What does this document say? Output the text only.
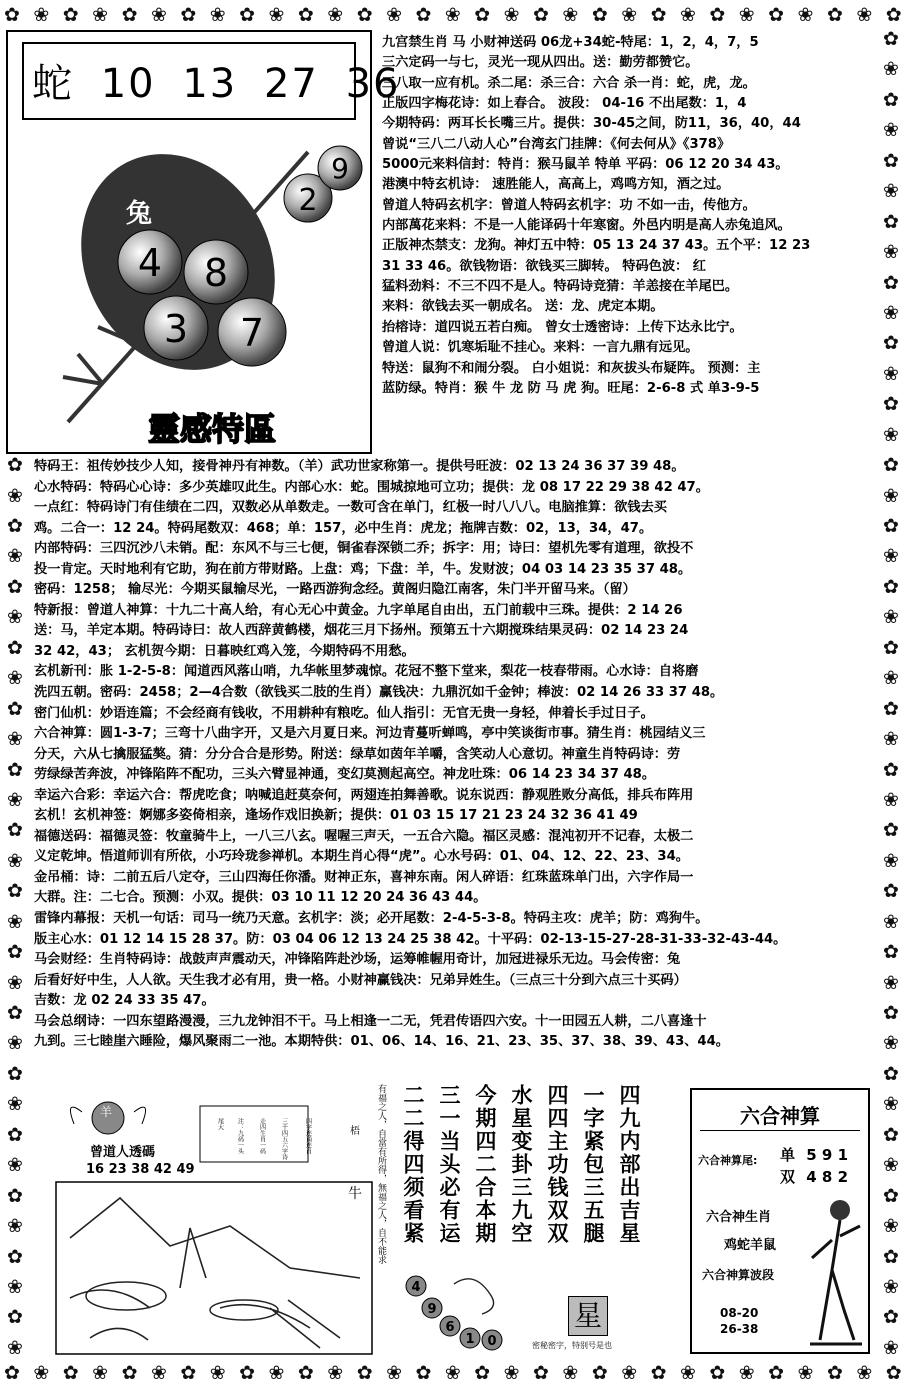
✿ ❀ ✿ ❀ ✿ ❀ ✿ ❀ ✿ ❀ ✿ ❀ ✿ ❀ ✿ ❀ ✿ ❀ ✿ ❀ ✿ ❀ ✿ ❀ ✿ ❀ ✿ ❀ ✿ ❀ ✿
✿ ❀ ✿ ❀ ✿ ❀ ✿ ❀ ✿ ❀ ✿ ❀ ✿ ❀ ✿ ❀ ✿ ❀ ✿ ❀ ✿ ❀ ✿ ❀ ✿ ❀ ✿ ❀ ✿ ❀ ✿
✿
❀
✿
❀
✿
❀
✿
❀
✿
❀
✿
❀
✿
❀
✿
❀
✿
❀
✿
❀
✿
❀
✿
❀
✿
❀
✿
❀
✿
❀
✿
❀
✿
❀
✿
❀
✿
❀
✿
❀
✿
❀
✿
❀
✿
❀
✿
❀
✿
❀
✿
❀
✿
❀
✿
❀
✿
❀
✿
❀
✿
❀
✿
❀
✿
❀
✿
❀
✿
❀
✿
❀
✿
❀
蛇 10 13 27 36
兔
4 8
3 7
2
9
靈感特區
九宫禁生肖 马 小财神送码 06龙+34蛇-特尾：1，2，4，7，5
三六定码一与七，灵光一现从四出。送：勤劳都赞它。
三八取一应有机。杀二尾：杀三合：六合 杀一肖：蛇，虎，龙。
正版四字梅花诗：如上春合。 波段： 04-16 不出尾数：1，4
今期特码：两耳长长嘴三片。提供：30-45之间，防11，36，40，44
曾说“三八二八动人心”台湾玄门挂牌：《何去何从》《378》
5000元来料信封：特肖：猴马鼠羊 特单 平码：06 12 20 34 43。
港澳中特玄机诗： 速胜能人，高高上，鸡鸣方知，酒之过。
曾道人特码玄机字：曾道人特码玄机字：功 不如一击，传他方。
内部萬花来料：不是一人能译码十年寒窗。外邑内明是高人赤兔追风。
正版神杰禁支：龙狗。神灯五中特：05 13 24 37 43。五个平：12 23
31 33 46。欲钱物语：欲钱买三脚转。 特码色波： 红
猛料劲料：不三不四不是人。特码诗竞猜：羊恙接在羊尾巴。
来料：欲钱去买一朝成名。 送：龙、虎定本期。
抬榕诗：道四说五若白痴。 曾女士透密诗：上传下达永比宁。
曾道人说：饥寒垢耻不挂心。来料：一言九鼎有远见。
特送：鼠狗不和闹分裂。 白小姐说：和灰拔头布疑阵。 预测：主
蓝防绿。特肖：猴 牛 龙 防 马 虎 狗。旺尾：2-6-8 式 单3-9-5
特码王：祖传妙技少人知，接骨神丹有神数。（羊）武功世家称第一。提供号旺波：02 13 24 36 37 39 48。
心水特码：特码心心诗：多少英雄叹此生。内部心水：蛇。围城掠地可立功；提供：龙 08 17 22 29 38 42 47。
一点红：特码诗门有佳绩在二四，双数必从单数走。一数可含在单门，红极一时八八八。电脑推算：欲钱去买
鸡。二合一：12 24。特码尾数双：468；单：157，必中生肖：虎龙；拖牌吉数：02，13，34，47。
内部特码：三四沉沙八未销。配：东风不与三七便，铜雀春深锁二乔；拆字：用；诗曰：望机先零有道理，欲投不
投一肯定。天时地利有它助，狗在前方带财路。上盘：鸡；下盘：羊，牛。发财波；04 03 14 23 35 37 48。
密码：1258； 输尽光：今期买鼠输尽光，一路西游狗念经。黄阁归隐江南客，朱门半开留马来。（留）
特新报：曾道人神算：十九二十高人给，有心无心中黄金。九字单尾自由出，五门前载中三珠。提供：2 14 26
送：马，羊定本期。特码诗曰：故人西辞黄鹤楼，烟花三月下扬州。预第五十六期搅珠结果灵码：02 14 23 24
32 42，43； 玄机贺今期：日暮映红鸡入笼，今期特码不用愁。
玄机新刊：胀 1-2-5-8：闻道西风落山哨，九华帐里梦魂惊。花冠不整下堂来，梨花一枝春带雨。心水诗：自将磨
洗四五朝。密码：2458；2—4合数（欲钱买二肢的生肖）赢钱决：九鼎沉如千金钟；棒波：02 14 26 33 37 48。
密门仙机：妙语连篇；不会经商有钱收，不用耕种有粮吃。仙人指引：无官无贵一身轻，伸着长手过日子。
六合神算：圆1-3-7；三弯十八曲字开，又是六月夏日来。河边青蔓听蝉鸣，亭中笑谈街市事。猜生肖：桃园结义三
分天，六从七擒服猛獒。猜：分分合合是形势。附送：绿草如茵年羊嚼，含笑动人心意切。神童生肖特码诗：劳
劳绿绿苦奔波，冲锋陷阵不配功，三头六臂显神通，变幻莫测起高空。神龙吐珠：06 14 23 34 37 48。
幸运六合彩：幸运六合：帮虎吃食；呐喊追赶莫奈何，两翅连拍舞善歌。说东说西：静观胜败分高低，排兵布阵用
玄机！玄机神签：婀娜多姿倚相亲，逢场作戏旧换新；提供：01 03 15 17 21 23 24 32 36 41 49
福德送码：福德灵签：牧童骑牛上，一八三八玄。喔喔三声天，一五合六隐。福区灵感：混沌初开不记春，太极二
义定乾坤。悟道师训有所依，小巧玲珑参禅机。本期生肖心得“虎”。心水号码：01、04、12、22、23、34。
金吊桶：诗：二前五后八定夺，三山四海任你潘。财神正东，喜神东南。闲人碎语：红珠蓝珠单门出，六字作局一
大群。注：二七合。预测：小双。提供：03 10 11 12 20 24 36 43 44。
雷锋内幕报：天机一句话：司马一统乃天意。玄机字：淡；必开尾数：2-4-5-3-8。特码主攻：虎羊；防：鸡狗牛。
版主心水：01 12 14 15 28 37。防：03 04 06 12 13 24 25 38 42。十平码：02-13-15-27-28-31-33-32-43-44。
马会财经：生肖特码诗：战鼓声声震动天，冲锋陷阵赴沙场，运筹帷幄用奇计，加冠进禄乐无边。马会传密：兔
后看好好中生，人人欲。天生我才必有用，贵一格。小财神赢钱决：兄弟异姓生。（三点三十分到六点三十买码）
吉数：龙 02 24 33 35 47。
马会总纲诗：一四东望路漫漫，三九龙钟泪不干。马上相逢一二无，凭君传语四六安。十一田园五人耕，二八喜逢十
九到。三七睦崖六睡险，爆风聚雨二一池。本期特供：01、06、14、16、21、23、35、37、38、39、43、44。
羊
曾道人透碼
16 23 38 42 49
四字连诵连肖
三千四五六字诗
走四生肖一码
注：九码一头
尾大
梧
牛 有福之人，自當有所得，無福之人，自不能求	四九内部出吉星
一字紧包三五腿
四四主功钱双双
水星变卦三九空
今期四二合本期
三一当头必有运
二二得四须看紧
4
9
6
1 0
星
密秘密字，特别号是也
六合神算
六合神算尾: 单 5 9 1
双 4 8 2
六合神生肖
鸡蛇羊鼠
六合神算波段
08-20
26-38
